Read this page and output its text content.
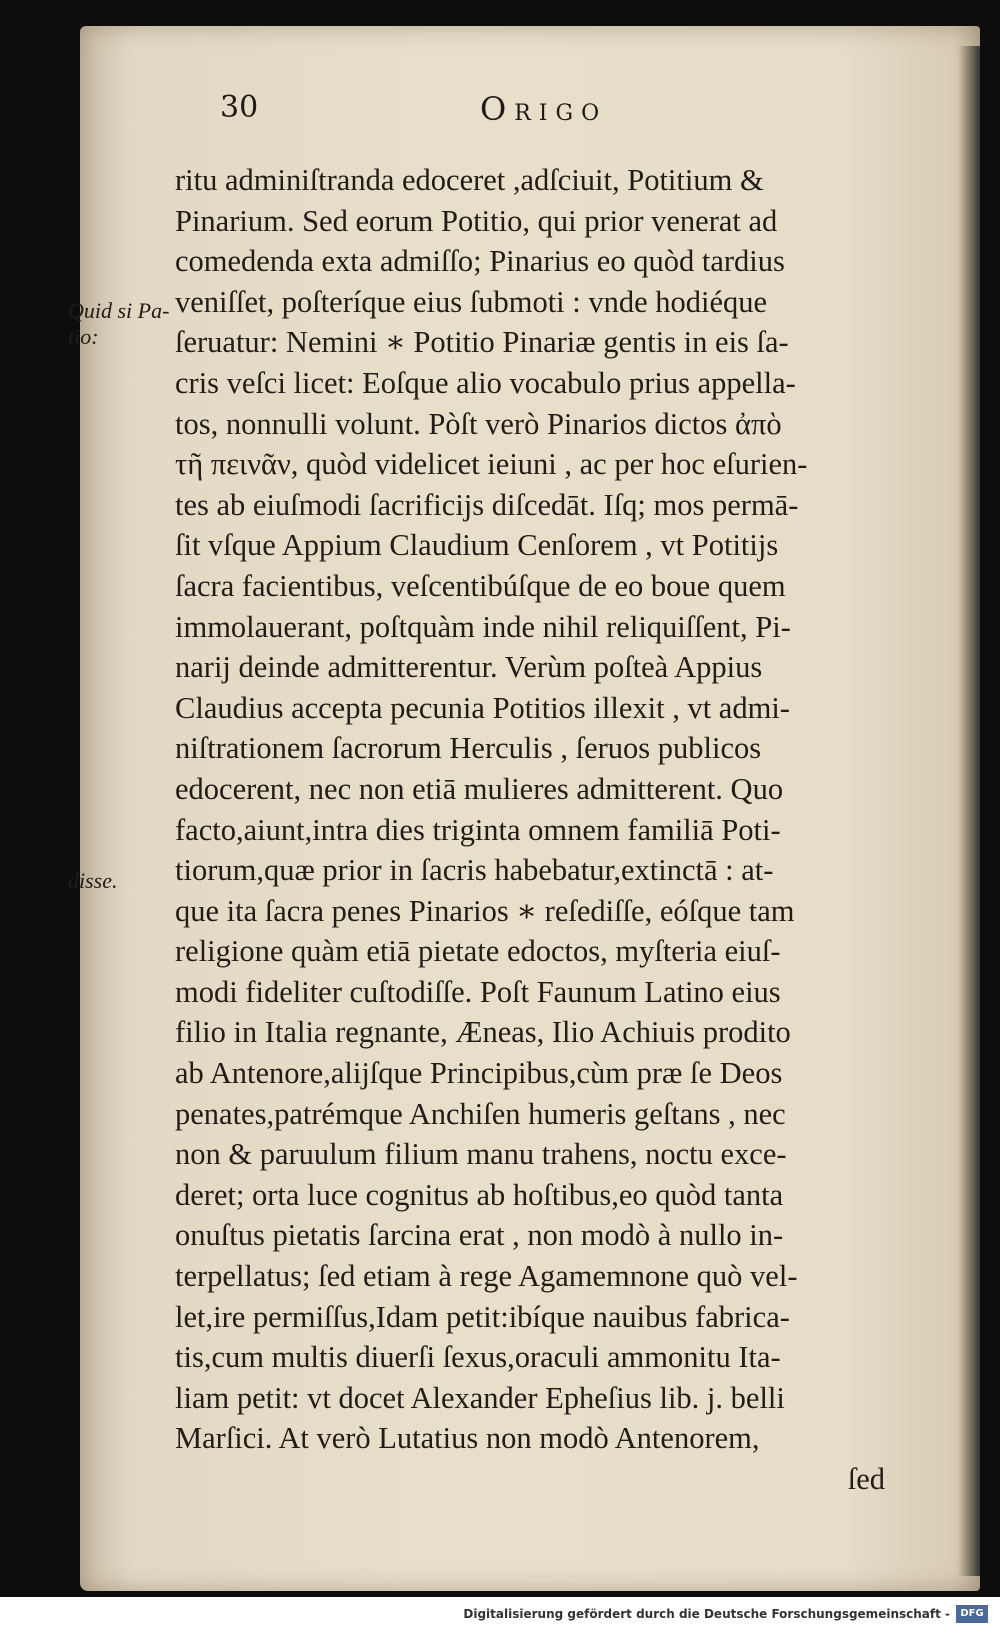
30	Origo
Quid si Pa-
tio:
disse.
ritu adminiſtranda edoceret ,adſciuit, Potitium &
Pinarium. Sed eorum Potitio, qui prior venerat ad
comedenda exta admiſſo; Pinarius eo quòd tardius
veniſſet, poſteríque eius ſubmoti : vnde hodiéque
ſeruatur: Nemini ∗ Potitio Pinariæ gentis in eis ſa-
cris veſci licet: Eoſque alio vocabulo prius appella-
tos, nonnulli volunt. Pòſt verò Pinarios dictos ἀπὸ
τῆ πεινᾶν, quòd videlicet ieiuni , ac per hoc eſurien-
tes ab eiuſmodi ſacrificijs diſcedāt. Iſq; mos permā-
ſit vſque Appium Claudium Cenſorem , vt Potitijs
ſacra facientibus, veſcentibúſque de eo boue quem
immolauerant, poſtquàm inde nihil reliquiſſent, Pi-
narij deinde admitterentur. Verùm poſteà Appius
Claudius accepta pecunia Potitios illexit , vt admi-
niſtrationem ſacrorum Herculis , ſeruos publicos
edocerent, nec non etiā mulieres admitterent. Quo
facto,aiunt,intra dies triginta omnem familiā Poti-
tiorum,quæ prior in ſacris habebatur,extinctā : at-
que ita ſacra penes Pinarios ∗ reſediſſe, eóſque tam
religione quàm etiā pietate edoctos, myſteria eiuſ-
modi fideliter cuſtodiſſe. Poſt Faunum Latino eius
filio in Italia regnante, Æneas, Ilio Achiuis prodito
ab Antenore,alijſque Principibus,cùm præ ſe Deos
penates,patrémque Anchiſen humeris geſtans , nec
non & paruulum filium manu trahens, noctu exce-
deret; orta luce cognitus ab hoſtibus,eo quòd tanta
onuſtus pietatis ſarcina erat , non modò à nullo in-
terpellatus; ſed etiam à rege Agamemnone quò vel-
let,ire permiſſus,Idam petit:ibíque nauibus fabrica-
tis,cum multis diuerſi ſexus,oraculi ammonitu Ita-
liam petit: vt docet Alexander Epheſius lib. j. belli
Marſici. At verò Lutatius non modò Antenorem,
ſed
Digitalisierung gefördert durch die Deutsche Forschungsgemeinschaft -	DFG
